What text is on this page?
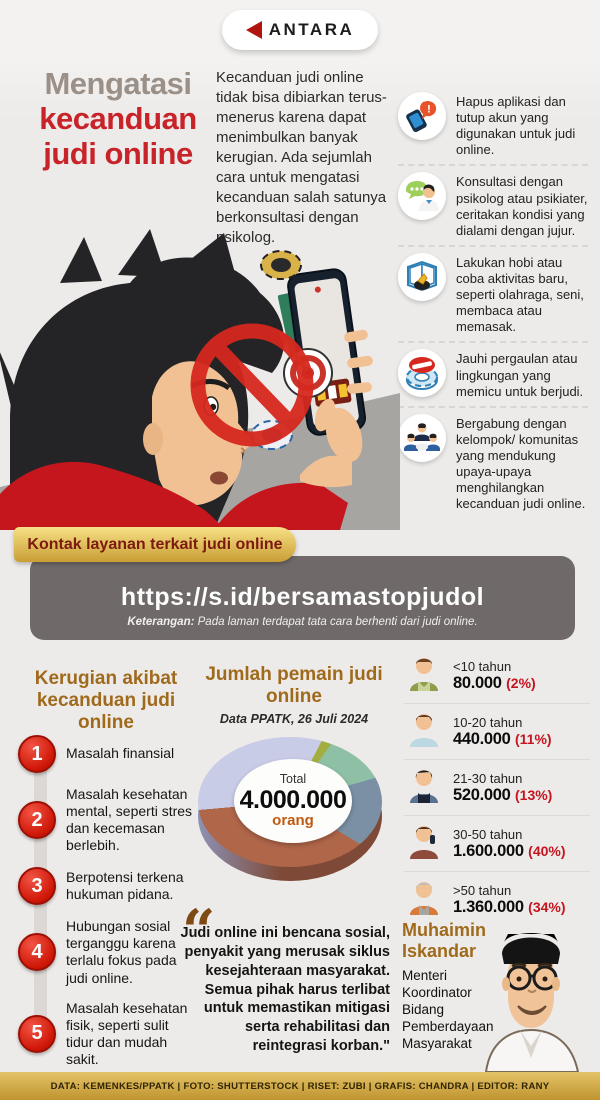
ANTARA
Mengatasi
kecanduan judi online

Kecanduan judi online tidak bisa dibiarkan terus-menerus karena dapat menimbulkan banyak kerugian. Ada sejumlah cara untuk mengatasi kecanduan salah satunya berkonsultasi dengan psikolog.

!
Hapus aplikasi dan tutup akun yang digunakan untuk judi online.
Konsultasi dengan psikolog atau psikiater, ceritakan kondisi yang dialami dengan jujur.
Lakukan hobi atau coba aktivitas baru, seperti olahraga, seni, membaca atau memasak.
Jauhi pergaulan atau lingkungan yang memicu untuk berjudi.
Bergabung dengan kelompok/ komunitas yang mendukung upaya-upaya menghilangkan kecanduan judi online.
Kontak layanan terkait judi online
https://s.id/bersamastopjudol
Keterangan: Pada laman terdapat tata cara berhenti dari judi online.
Kerugian akibat kecanduan judi online
1	Masalah finansial
2
Masalah kesehatan mental, seperti stres dan kecemasan berlebih.
3	Berpotensi terkena hukuman pidana.
4
Hubungan sosial terganggu karena terlalu fokus pada judi online.
5
Masalah kesehatan fisik, seperti sulit tidur dan mudah sakit.
Jumlah pemain judi online
Data PPATK, 26 Juli 2024
Total
4.000.000
orang
<10 tahun
80.000 (2%)
10-20 tahun
440.000 (11%)
21-30 tahun
520.000 (13%)
30-50 tahun
1.600.000 (40%)
>50 tahun
1.360.000 (34%)
“
Judi online ini bencana sosial, penyakit yang merusak siklus kesejahteraan masyarakat. Semua pihak harus terlibat untuk memastikan mitigasi serta rehabilitasi dan reintegrasi korban."
Muhaimin Iskandar
Menteri Koordinator Bidang Pemberdayaan Masyarakat
DATA: KEMENKES/PPATK | FOTO: SHUTTERSTOCK | RISET: ZUBI | GRAFIS: CHANDRA | EDITOR: RANY
